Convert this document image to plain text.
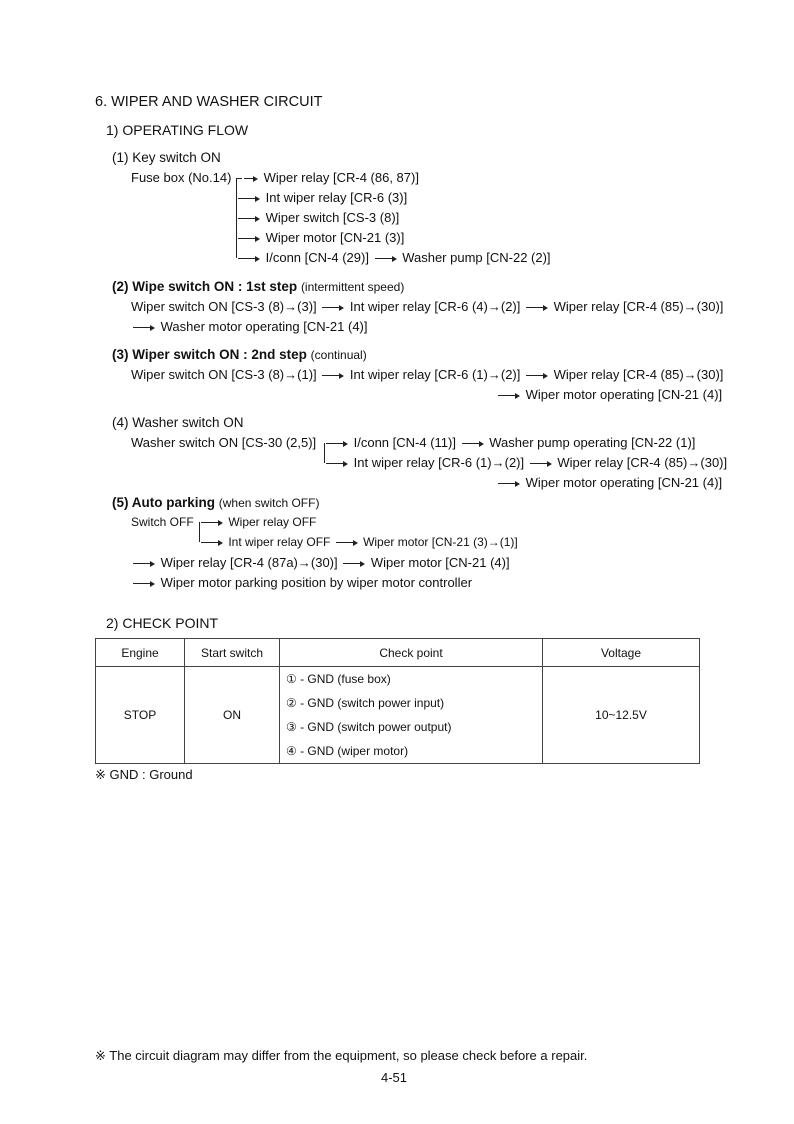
6. WIPER AND WASHER CIRCUIT
1) OPERATING FLOW
(1) Key switch ON
Fuse box (No.14)	Wiper relay [CR-4 (86, 87)]
Int wiper relay [CR-6 (3)]
Wiper switch [CS-3 (8)]
Wiper motor [CN-21 (3)]
I/conn [CN-4 (29)]	Washer pump [CN-22 (2)]
(2) Wipe switch ON : 1st step (intermittent speed)
Wiper switch ON [CS-3 (8)→(3)]	Int wiper relay [CR-6 (4)→(2)]	Wiper relay [CR-4 (85)→(30)]
Washer motor operating [CN-21 (4)]
(3) Wiper switch ON : 2nd step (continual)
Wiper switch ON [CS-3 (8)→(1)]	Int wiper relay [CR-6 (1)→(2)]	Wiper relay [CR-4 (85)→(30)]
Wiper motor operating [CN-21 (4)]
(4) Washer switch ON
Washer switch ON [CS-30 (2,5)]	I/conn [CN-4 (11)]	Washer pump operating [CN-22 (1)]
Int wiper relay [CR-6 (1)→(2)]	Wiper relay [CR-4 (85)→(30)]
Wiper motor operating [CN-21 (4)]
(5) Auto parking (when switch OFF)
Switch OFF	Wiper relay OFF
Int wiper relay OFF	Wiper motor [CN-21 (3)→(1)]
Wiper relay [CR-4 (87a)→(30)]	Wiper motor [CN-21 (4)]
Wiper motor parking position by wiper motor controller
2) CHECK POINT
Engine	Start switch	Check point	Voltage
STOP	ON	① - GND (fuse box)
② - GND (switch power input)
③ - GND (switch power output)
④ - GND (wiper motor)	10~12.5V
※ GND : Ground
※ The circuit diagram may differ from the equipment, so please check before a repair.
4-51
